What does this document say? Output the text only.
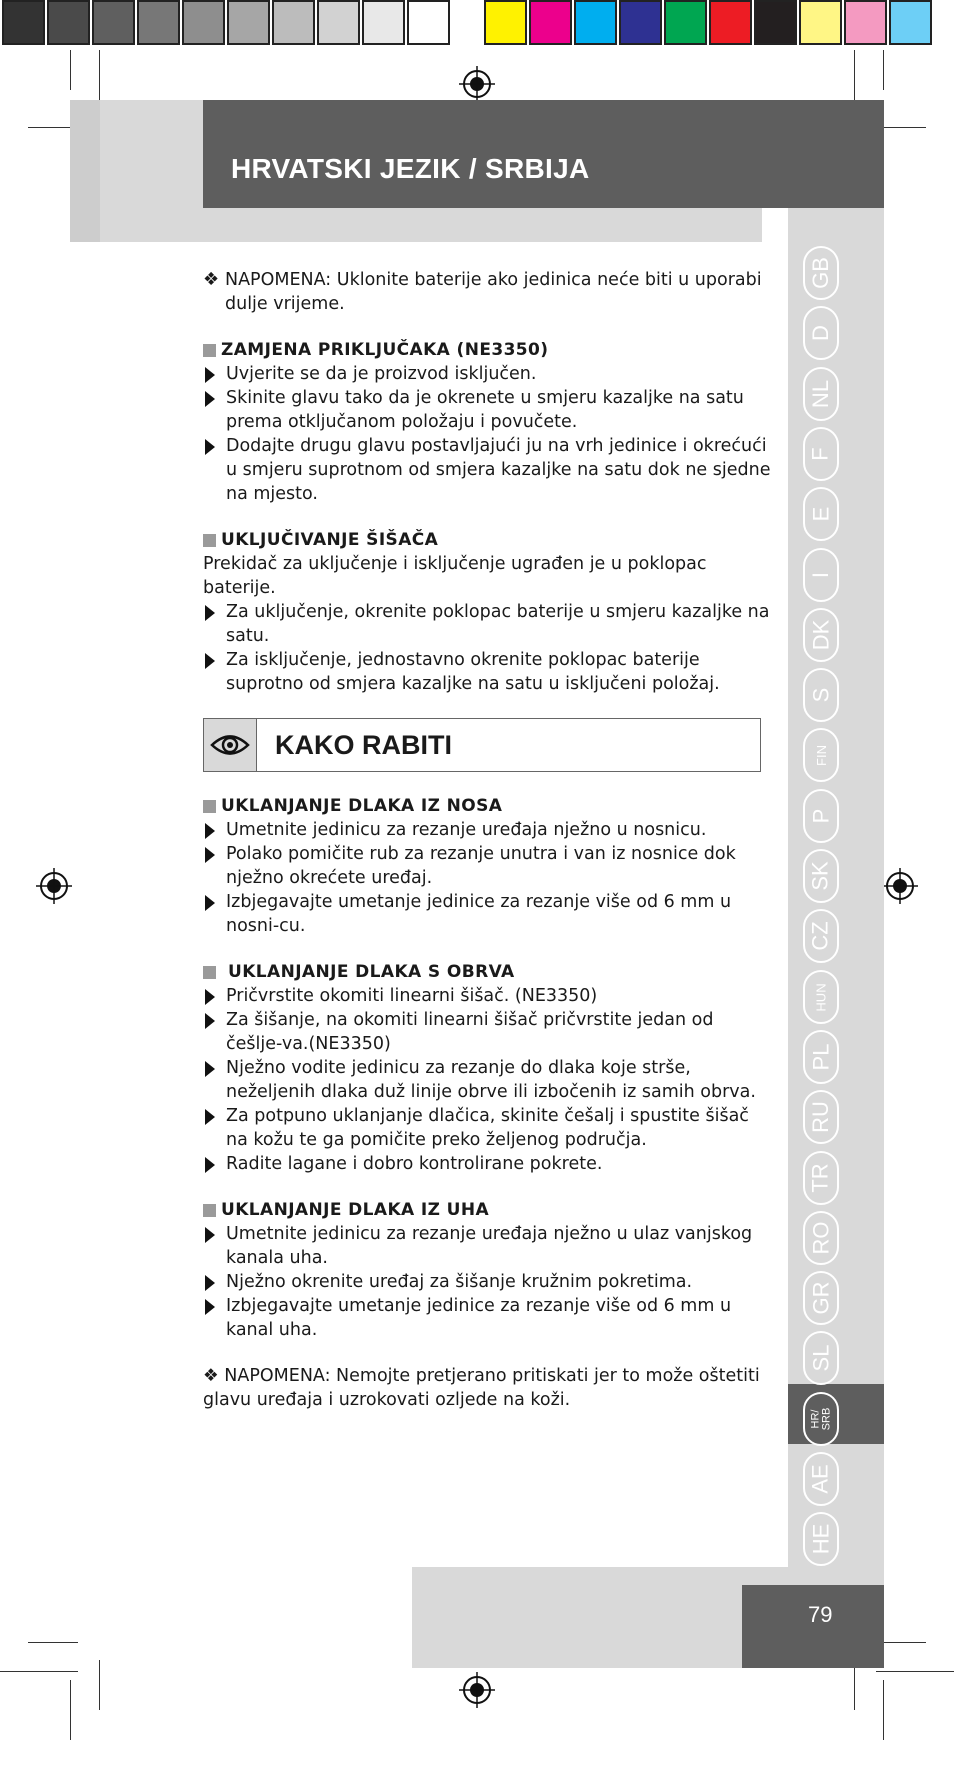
HRVATSKI JEZIK / SRBIJA

❖ NAPOMENA: Uklonite baterije ako jedinica neće biti u uporabi dulje vrijeme.

ZAMJENA PRIKLJUČAKA (NE3350)
Uvjerite se da je proizvod isključen.
Skinite glavu tako da je okrenete u smjeru kazaljke na satu prema otključanom položaju i povučete.
Dodajte drugu glavu postavljajući ju na vrh jedinice i okrećući u smjeru suprotnom od smjera kazaljke na satu dok ne sjedne na mjesto.
UKLJUČIVANJE ŠIŠAČA

Prekidač za uključenje i isključenje ugrađen je u poklopac baterije.

Za uključenje, okrenite poklopac baterije u smjeru kazaljke na satu.
Za isključenje, jednostavno okrenite poklopac baterije suprotno od smjera kazaljke na satu u isključeni položaj.
KAKO RABITI
UKLANJANJE DLAKA IZ NOSA
Umetnite jedinicu za rezanje uređaja nježno u nosnicu.
Polako pomičite rub za rezanje unutra i van iz nosnice dok nježno okrećete uređaj.
Izbjegavajte umetanje jedinice za rezanje više od 6 mm u nosni-cu.
UKLANJANJE DLAKA S OBRVA
Pričvrstite okomiti linearni šišač. (NE3350)
Za šišanje, na okomiti linearni šišač pričvrstite jedan od češlje-va.(NE3350)
Nježno vodite jedinicu za rezanje do dlaka koje strše, neželjenih dlaka duž linije obrve ili izbočenih iz samih obrva.
Za potpuno uklanjanje dlačica, skinite češalj i spustite šišač na kožu te ga pomičite preko željenog područja.
Radite lagane i dobro kontrolirane pokrete.
UKLANJANJE DLAKA IZ UHA
Umetnite jedinicu za rezanje uređaja nježno u ulaz vanjskog kanala uha.
Nježno okrenite uređaj za šišanje kružnim pokretima.
Izbjegavajte umetanje jedinice za rezanje više od 6 mm u kanal uha.

❖ NAPOMENA: Nemojte pretjerano pritiskati jer to može oštetiti glavu uređaja i uzrokovati ozljede na koži.

GB
D
NL
F
E
I
DK
S
FIN
P
SK
CZ
HUN
PL
RU
TR
RO
GR
SL
HR/
SRB
AE
HE
79
